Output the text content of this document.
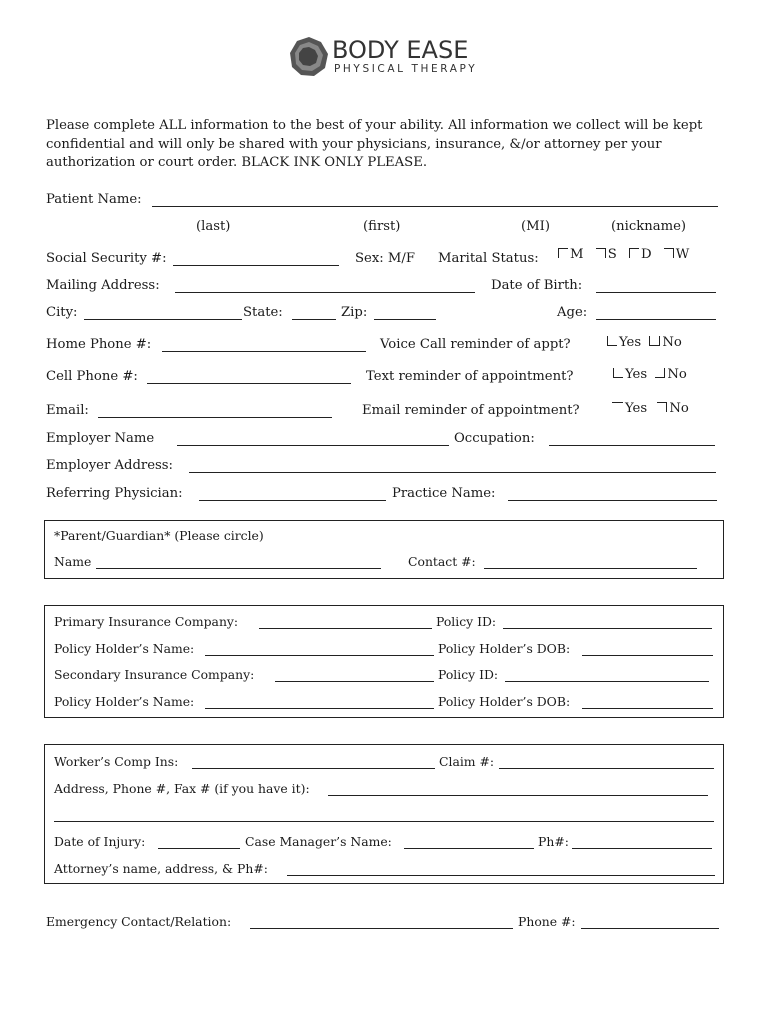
BODY EASE
PHYSICAL THERAPY
Please complete ALL information to the best of your ability. All information we collect will be kept confidential and will only be shared with your physicians, insurance, &/or attorney per your authorization or court order. BLACK INK ONLY PLEASE.
Patient Name:
(last)	(first)	(MI)	(nickname)
Social Security #:	Sex: M/F Marital Status:	M S D W
Mailing Address:	Date of Birth:
City:	State:	Zip:	Age:
Home Phone #:	Voice Call reminder of appt?	Yes No
Cell Phone #:	Text reminder of appointment?	Yes No
Email:	Email reminder of appointment?	Yes No
Employer Name	Occupation:
Employer Address:
Referring Physician:	Practice Name:
*Parent/Guardian* (Please circle)
Name	Contact #:
Primary Insurance Company:	Policy ID:
Policy Holder’s Name:	Policy Holder’s DOB:
Secondary Insurance Company:	Policy ID:
Policy Holder’s Name:	Policy Holder’s DOB:
Worker’s Comp Ins:	Claim #:
Address, Phone #, Fax # (if you have it):
Date of Injury:	Case Manager’s Name:	Ph#:
Attorney’s name, address, & Ph#:
Emergency Contact/Relation:	Phone #:
